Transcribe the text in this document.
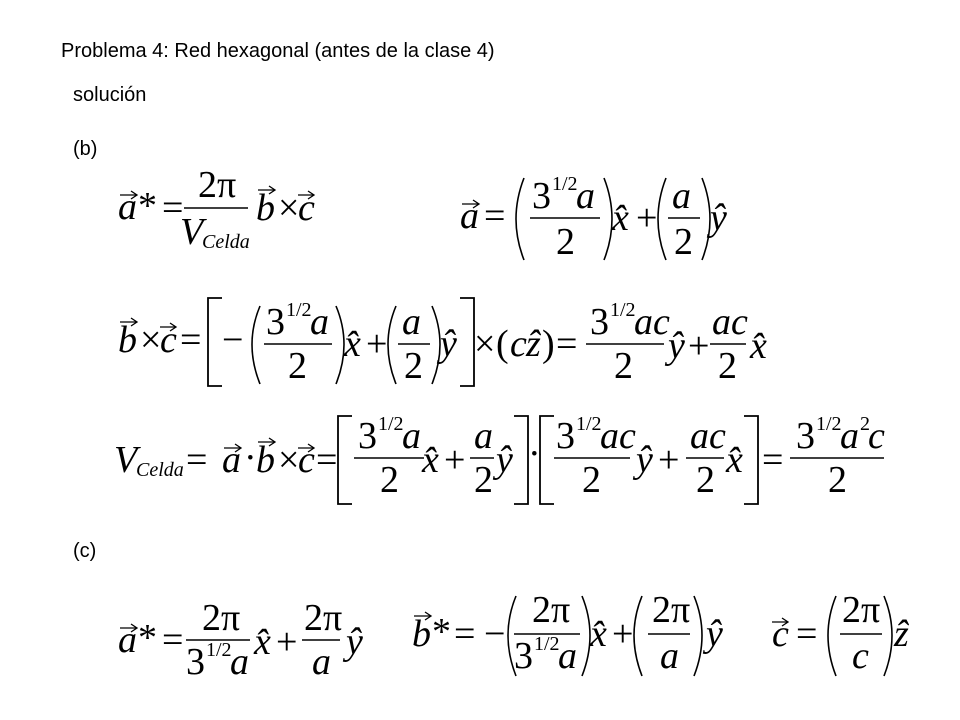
Problema 4: Red hexagonal (antes de la clase 4)
solución
(b)
(c)
a * =
2π
V
Celda
b ×
c	a = 3 1/2
a
2
x̂ +
a
2
ŷ
b ×
c = − 3 1/2
a
2
x̂ +
a
2
ŷ × ( c ẑ ) =
3 1/2
ac
2 ŷ +
ac
2 x̂
V
Celda = a · b ×
c =
3 1/2
a
2 x̂ +
a
2 ŷ · 3 1/2
ac
2 ŷ +
ac
2 x̂ =
3 1/2
a 2
c
2
a * =
2π
3 1/2
a x̂ +
2π
a ŷ b * = −
2π
3 1/2
a
x̂ +
2π
a
ŷ c =
2π
c
ẑ
